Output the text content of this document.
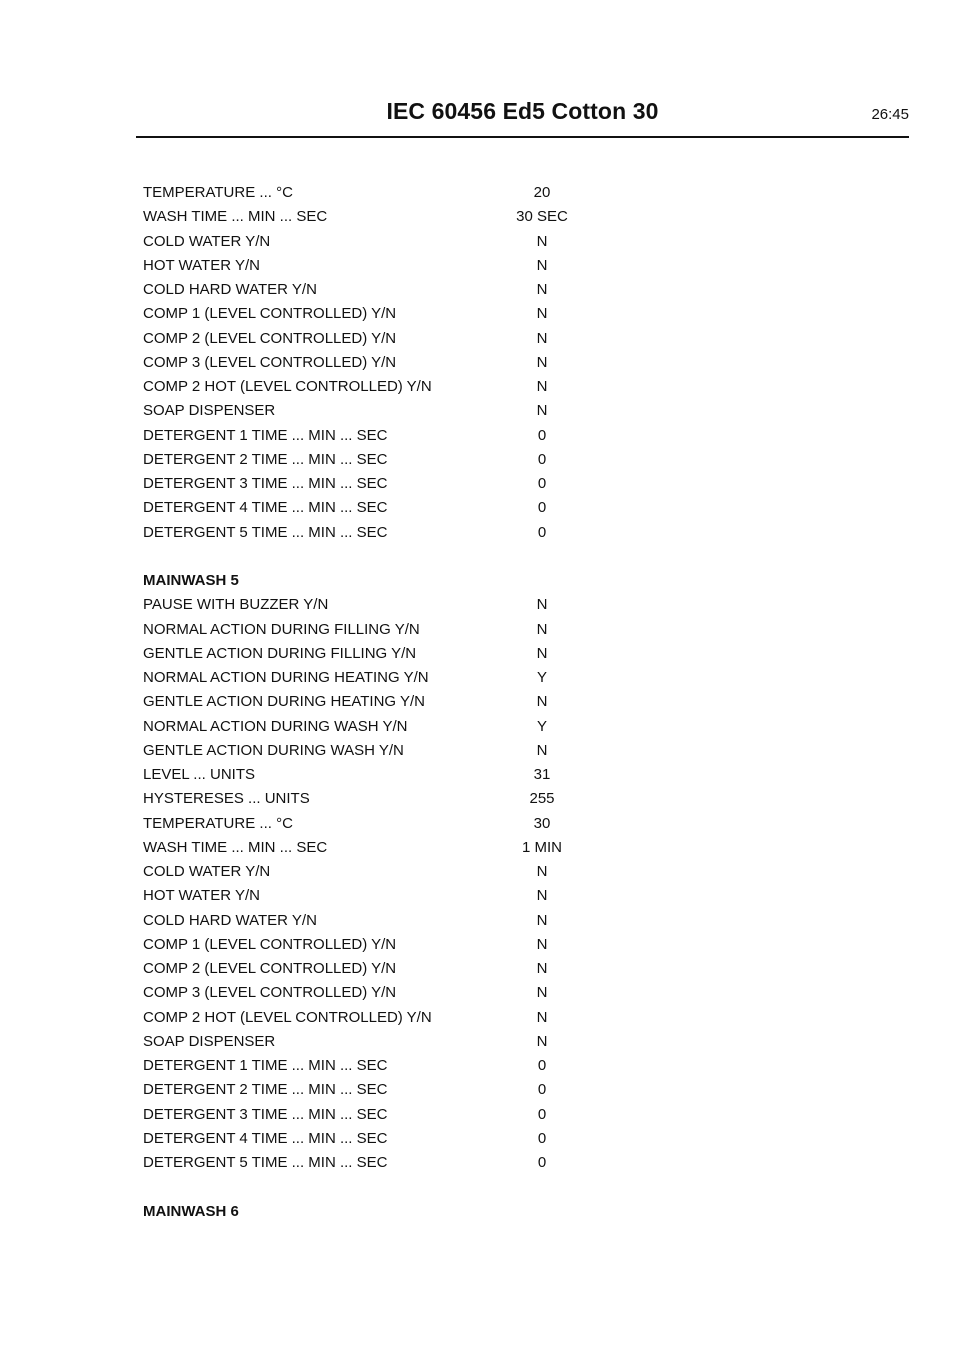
IEC 60456 Ed5 Cotton 30	26:45
TEMPERATURE ... °C	20
WASH TIME ... MIN ... SEC	30 SEC
COLD WATER Y/N	N
HOT WATER Y/N	N
COLD HARD WATER Y/N	N
COMP 1 (LEVEL CONTROLLED) Y/N	N
COMP 2 (LEVEL CONTROLLED) Y/N	N
COMP 3 (LEVEL CONTROLLED) Y/N	N
COMP 2 HOT (LEVEL CONTROLLED) Y/N	N
SOAP DISPENSER	N
DETERGENT 1 TIME ... MIN ... SEC	0
DETERGENT 2 TIME ... MIN ... SEC	0
DETERGENT 3 TIME ... MIN ... SEC	0
DETERGENT 4 TIME ... MIN ... SEC	0
DETERGENT 5 TIME ... MIN ... SEC	0
MAINWASH 5
PAUSE WITH BUZZER Y/N	N
NORMAL ACTION DURING FILLING Y/N	N
GENTLE ACTION DURING FILLING Y/N	N
NORMAL ACTION DURING HEATING Y/N	Y
GENTLE ACTION DURING HEATING Y/N	N
NORMAL ACTION DURING WASH Y/N	Y
GENTLE ACTION DURING WASH Y/N	N
LEVEL ... UNITS	31
HYSTERESES ... UNITS	255
TEMPERATURE ... °C	30
WASH TIME ... MIN ... SEC	1 MIN
COLD WATER Y/N	N
HOT WATER Y/N	N
COLD HARD WATER Y/N	N
COMP 1 (LEVEL CONTROLLED) Y/N	N
COMP 2 (LEVEL CONTROLLED) Y/N	N
COMP 3 (LEVEL CONTROLLED) Y/N	N
COMP 2 HOT (LEVEL CONTROLLED) Y/N	N
SOAP DISPENSER	N
DETERGENT 1 TIME ... MIN ... SEC	0
DETERGENT 2 TIME ... MIN ... SEC	0
DETERGENT 3 TIME ... MIN ... SEC	0
DETERGENT 4 TIME ... MIN ... SEC	0
DETERGENT 5 TIME ... MIN ... SEC	0
MAINWASH 6
